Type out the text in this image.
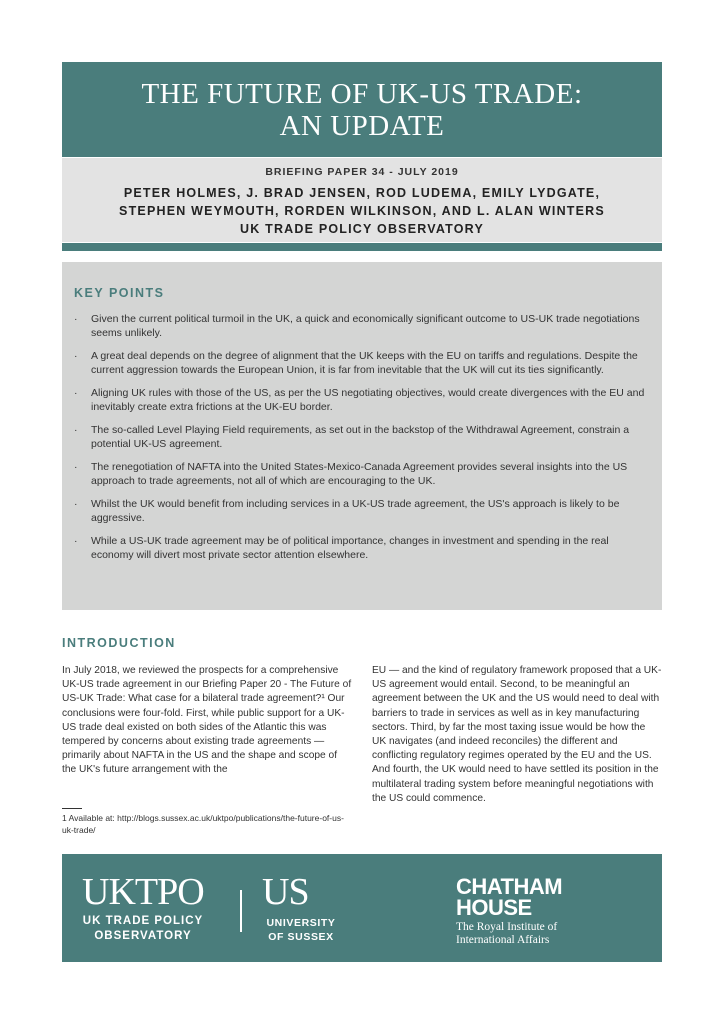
THE FUTURE OF UK-US TRADE:
AN UPDATE
BRIEFING PAPER 34 - JULY 2019
PETER HOLMES, J. BRAD JENSEN, ROD LUDEMA, EMILY LYDGATE,
STEPHEN WEYMOUTH, RORDEN WILKINSON, AND L. ALAN WINTERS
UK TRADE POLICY OBSERVATORY
KEY POINTS
· Given the current political turmoil in the UK, a quick and economically significant outcome to US-UK trade negotiations seems unlikely.
· A great deal depends on the degree of alignment that the UK keeps with the EU on tariffs and regulations. Despite the current aggression towards the European Union, it is far from inevitable that the UK will cut its ties significantly.
· Aligning UK rules with those of the US, as per the US negotiating objectives, would create divergences with the EU and inevitably create extra frictions at the UK-EU border.
· The so-called Level Playing Field requirements, as set out in the backstop of the Withdrawal Agreement, constrain a potential UK-US agreement.
· The renegotiation of NAFTA into the United States-Mexico-Canada Agreement provides several insights into the US approach to trade agreements, not all of which are encouraging to the UK.
· Whilst the UK would benefit from including services in a UK-US trade agreement, the US's approach is likely to be aggressive.
· While a US-UK trade agreement may be of political importance, changes in investment and spending in the real economy will divert most private sector attention elsewhere.
INTRODUCTION
In July 2018, we reviewed the prospects for a comprehensive UK-US trade agreement in our Briefing Paper 20 - The Future of US-UK Trade: What case for a bilateral trade agreement?¹ Our conclusions were four-fold. First, while public support for a UK-US trade deal existed on both sides of the Atlantic this was tempered by concerns about existing trade agreements — primarily about NAFTA in the US and the shape and scope of the UK's future arrangement with the
EU — and the kind of regulatory framework proposed that a UK-US agreement would entail. Second, to be meaningful an agreement between the UK and the US would need to deal with barriers to trade in services as well as in key manufacturing sectors. Third, by far the most taxing issue would be how the UK navigates (and indeed reconciles) the different and conflicting regulatory regimes operated by the EU and the US. And fourth, the UK would need to have settled its position in the multilateral trading system before meaningful negotiations with the US could commence.
1 Available at: http://blogs.sussex.ac.uk/uktpo/publications/the-future-of-us-uk-trade/
UKTPO
UK TRADE POLICY
OBSERVATORY
US
UNIVERSITY
OF SUSSEX
CHATHAM
HOUSE
The Royal Institute of
International Affairs
